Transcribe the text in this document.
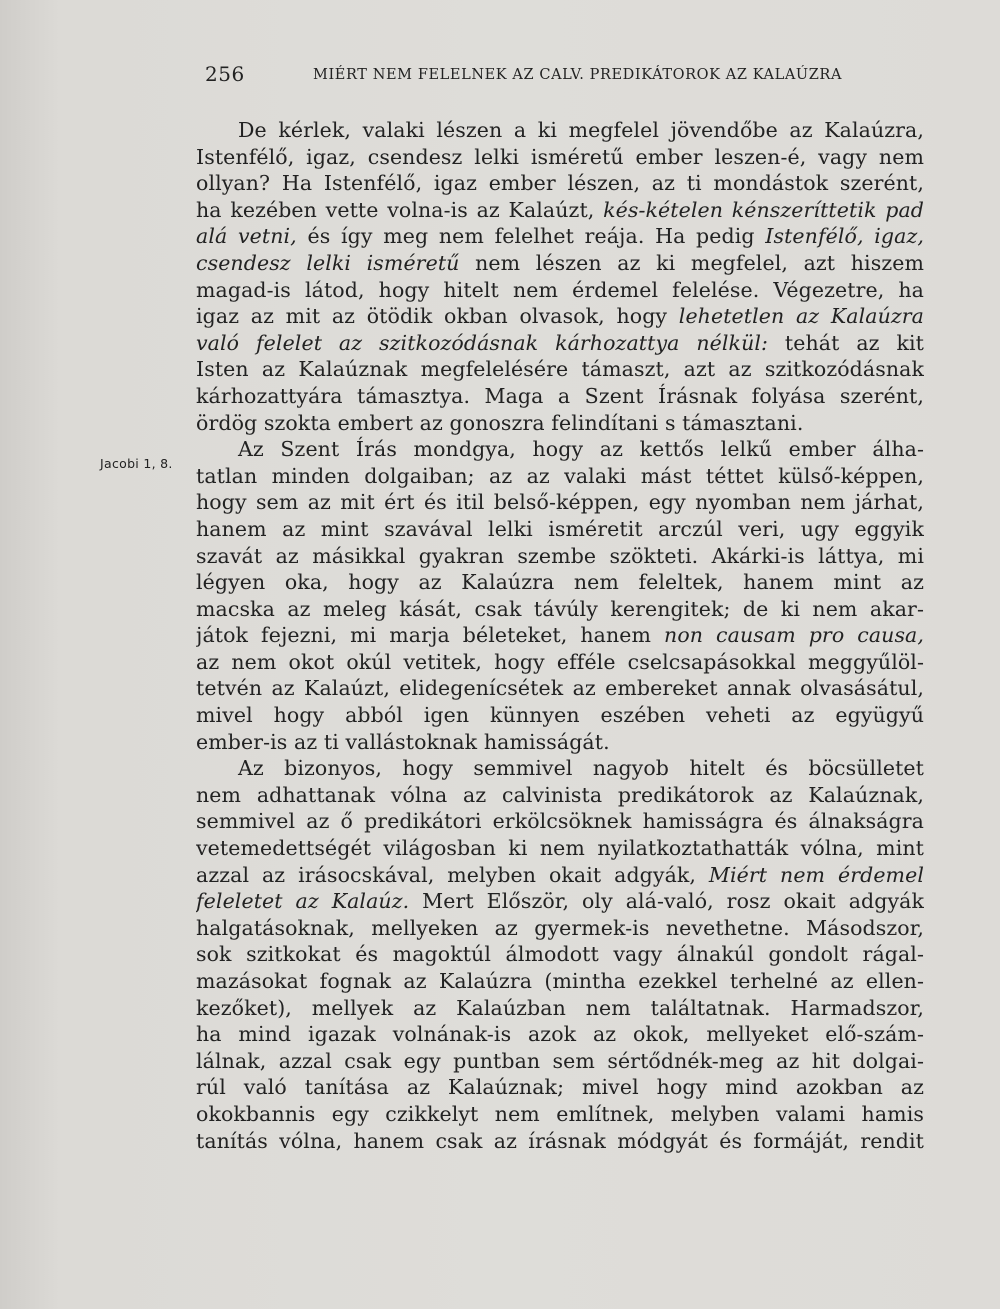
256	MIÉRT NEM FELELNEK AZ CALV. PREDIKÁTOROK AZ KALAÚZRA
Jacobi 1, 8.
De kérlek, valaki lészen a ki megfelel jövendőbe az Kalaúzra,
Istenfélő, igaz, csendesz lelki isméretű ember leszen-é, vagy nem
ollyan? Ha Istenfélő, igaz ember lészen, az ti mondástok szerént,
ha kezében vette volna-is az Kalaúzt, kés-kételen kénszeríttetik pad
alá vetni, és így meg nem felelhet reája. Ha pedig Istenfélő, igaz,
csendesz lelki isméretű nem lészen az ki megfelel, azt hiszem
magad-is látod, hogy hitelt nem érdemel felelése. Végezetre, ha
igaz az mit az ötödik okban olvasok, hogy lehetetlen az Kalaúzra
való felelet az szitkozódásnak kárhozattya nélkül: tehát az kit
Isten az Kalaúznak megfelelésére támaszt, azt az szitkozódásnak
kárhozattyára támasztya. Maga a Szent Írásnak folyása szerént,
ördög szokta embert az gonoszra felindítani s támasztani.
Az Szent Írás mondgya, hogy az kettős lelkű ember álha-
tatlan minden dolgaiban; az az valaki mást téttet külső-képpen,
hogy sem az mit ért és itil belső-képpen, egy nyomban nem járhat,
hanem az mint szavával lelki isméretit arczúl veri, ugy eggyik
szavát az másikkal gyakran szembe szökteti. Akárki-is láttya, mi
légyen oka, hogy az Kalaúzra nem feleltek, hanem mint az
macska az meleg kását, csak távúly kerengitek; de ki nem akar-
játok fejezni, mi marja béleteket, hanem non causam pro causa,
az nem okot okúl vetitek, hogy efféle cselcsapásokkal meggyűlöl-
tetvén az Kalaúzt, elidegenícsétek az embereket annak olvasásátul,
mivel hogy abból igen künnyen eszében veheti az együgyű
ember-is az ti vallástoknak hamisságát.
Az bizonyos, hogy semmivel nagyob hitelt és böcsülletet
nem adhattanak vólna az calvinista predikátorok az Kalaúznak,
semmivel az ő predikátori erkölcsöknek hamisságra és álnakságra
vetemedettségét világosban ki nem nyilatkoztathatták vólna, mint
azzal az irásocskával, melyben okait adgyák, Miért nem érdemel
feleletet az Kalaúz. Mert Először, oly alá-való, rosz okait adgyák
halgatásoknak, mellyeken az gyermek-is nevethetne. Másodszor,
sok szitkokat és magoktúl álmodott vagy álnakúl gondolt rágal-
mazásokat fognak az Kalaúzra (mintha ezekkel terhelné az ellen-
kezőket), mellyek az Kalaúzban nem találtatnak. Harmadszor,
ha mind igazak volnának-is azok az okok, mellyeket elő-szám-
lálnak, azzal csak egy puntban sem sértődnék-meg az hit dolgai-
rúl való tanítása az Kalaúznak; mivel hogy mind azokban az
okokbannis egy czikkelyt nem említnek, melyben valami hamis
tanítás vólna, hanem csak az írásnak módgyát és formáját, rendit
